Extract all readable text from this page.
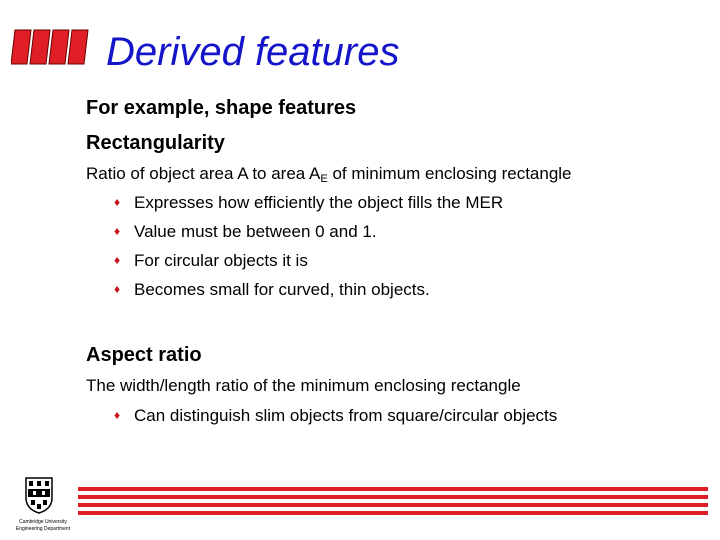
Derived features
For example, shape features
Rectangularity
Ratio of object area A to area $A_E$ of minimum enclosing rectangle
♦ Expresses how efficiently the object fills the MER
♦ Value must be between 0 and 1.
♦ For circular objects it is
♦ Becomes small for curved, thin objects.
Aspect ratio
The width/length ratio of the minimum enclosing rectangle
♦ Can distinguish slim objects from square/circular objects
Cambridge University
Engineering Department
